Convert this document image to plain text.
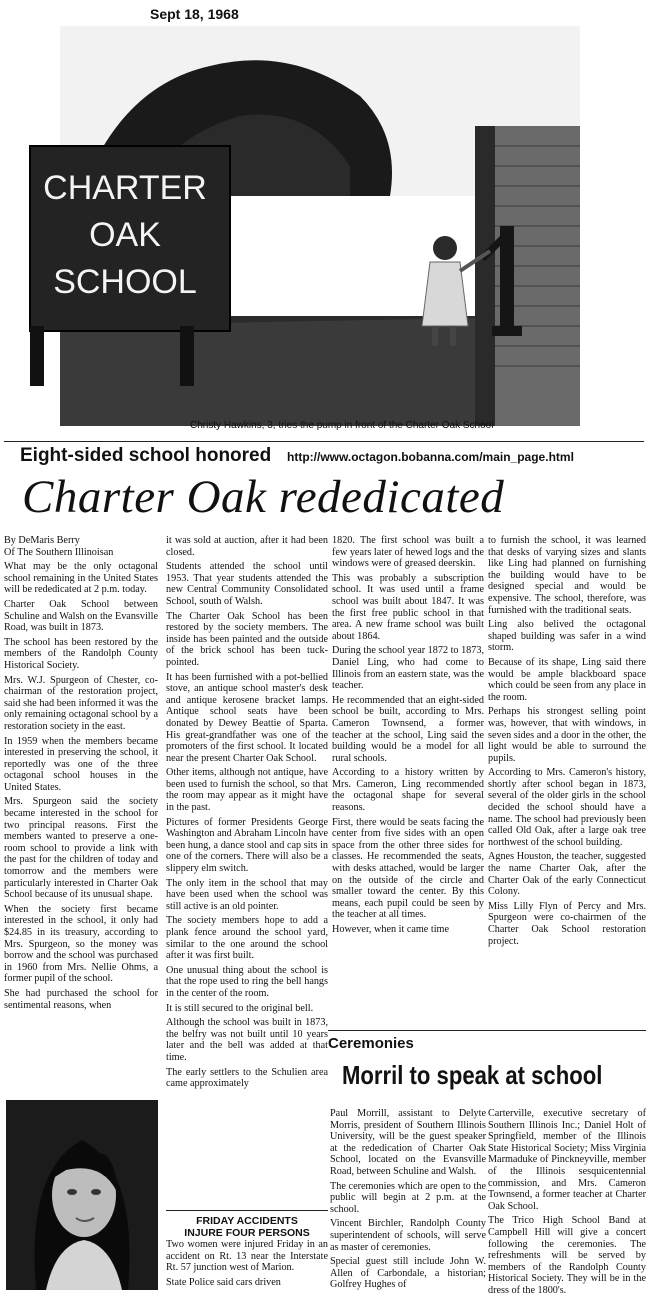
Sept 18, 1968
CHARTER
OAK
SCHOOL
Christy Hawkins, 3, tries the pump in front of the Charter Oak School
Eight-sided school honored http://www.octagon.bobanna.com/main_page.html
Charter Oak rededicated

By DeMaris Berry

Of The Southern Illinoisan

What may be the only octagonal school remaining in the United States will be rededicated at 2 p.m. today.

Charter Oak School between Schuline and Walsh on the Evansville Road, was built in 1873.

The school has been restored by the members of the Randolph County Historical Society.

Mrs. W.J. Spurgeon of Chester, co-chairman of the restoration project, said she had been informed it was the only remaining octagonal school by a restoration society in the east.

In 1959 when the members became interested in preserving the school, it reportedly was one of the three octagonal school houses in the United States.

Mrs. Spurgeon said the society became interested in the school for two principal reasons. First the members wanted to preserve a one-room school to provide a link with the past for the children of today and tomorrow and the members were particularly interested in Charter Oak School because of its unusual shape.

When the society first became interested in the school, it only had $24.85 in its treasury, according to Mrs. Spurgeon, so the money was borrow and the school was purchased in 1960 from Mrs. Nellie Ohms, a former pupil of the school.

She had purchased the school for sentimental reasons, when

it was sold at auction, after it had been closed.

Students attended the school until 1953. That year students attended the new Central Community Consolidated School, south of Walsh.

The Charter Oak School has been restored by the society members. The inside has been painted and the outside of the brick school has been tuck-pointed.

It has been furnished with a pot-bellied stove, an antique school master's desk and antique kerosene bracket lamps. Antique school seats have been donated by Dewey Beattie of Sparta. His great-grandfather was one of the promoters of the first school. It located near the present Charter Oak School.

Other items, although not antique, have been used to furnish the school, so that the room may appear as it might have in the past.

Pictures of former Presidents George Washington and Abraham Lincoln have been hung, a dance stool and cap sits in one of the corners. There will also be a slippery elm switch.

The only item in the school that may have been used when the school was still active is an old pointer.

The society members hope to add a plank fence around the school yard, similar to the one around the school after it was first built.

One unusual thing about the school is that the rope used to ring the bell hangs in the center of the room.

It is still secured to the original bell.

Although the school was built in 1873, the belfry was not built until 10 years later and the bell was added at that time.

The early settlers to the Schulien area came approximately

1820. The first school was built a few years later of hewed logs and the windows were of greased deerskin.

This was probably a subscription school. It was used until a frame school was built about 1847. It was the first free public school in that area. A new frame school was built about 1864.

During the school year 1872 to 1873, Daniel Ling, who had come to Illinois from an eastern state, was the teacher.

He recommended that an eight-sided school be built, according to Mrs. Cameron Townsend, a former teacher at the school, Ling said the building would be a model for all rural schools.

According to a history written by Mrs. Cameron, Ling recommended the octagonal shape for several reasons.

First, there would be seats facing the center from five sides with an open space from the other three sides for classes. He recommended the seats, with desks attached, would be larger on the outside of the circle and smaller toward the center. By this means, each pupil could be seen by the teacher at all times.

However, when it came time

to furnish the school, it was learned that desks of varying sizes and slants like Ling had planned on furnishing the building would have to be designed special and would be expensive. The school, therefore, was furnished with the traditional seats.

Ling also belived the octagonal shaped building was safer in a wind storm.

Because of its shape, Ling said there would be ample blackboard space which could be seen from any place in the room.

Perhaps his strongest selling point was, however, that with windows, in seven sides and a door in the other, the light would be able to surround the pupils.

According to Mrs. Cameron's history, shortly after school began in 1873, several of the older girls in the school decided the school should have a name. The school had previously been called Old Oak, after a large oak tree northwest of the school building.

Agnes Houston, the teacher, suggested the name Charter Oak, after the Charter Oak of the early Connecticut Colony.

Miss Lilly Flyn of Percy and Mrs. Spurgeon were co-chairmen of the Charter Oak School restoration project.

Ceremonies
Morril to speak at school

Paul Morrill, assistant to Delyte Morris, president of Southern Illinois University, will be the guest speaker at the rededication of Charter Oak School, located on the Evansville Road, between Schuline and Walsh.

The ceremonies which are open to the public will begin at 2 p.m. at the school.

Vincent Birchler, Randolph County superintendent of schools, will serve as master of ceremonies.

Special guest still include John W. Allen of Carbondale, a historian; Golfrey Hughes of

Carterville, executive secretary of Southern Illinois Inc.; Daniel Holt of Springfield, member of the Illinois State Historical Society; Miss Virginia Marmaduke of Pinckneyville, member of the Illinois sesquicentennial commission, and Mrs. Cameron Townsend, a former teacher at Charter Oak School.

The Trico High School Band at Campbell Hill will give a concert following the ceremonies. The refreshments will be served by members of the Randolph County Historical Society. They will be in the dress of the 1800's.

FRIDAY ACCIDENTS
INJURE FOUR PERSONS

Two women were injured Friday in an accident on Rt. 13 near the Interstate Rt. 57 junction west of Marion.

State Police said cars driven
